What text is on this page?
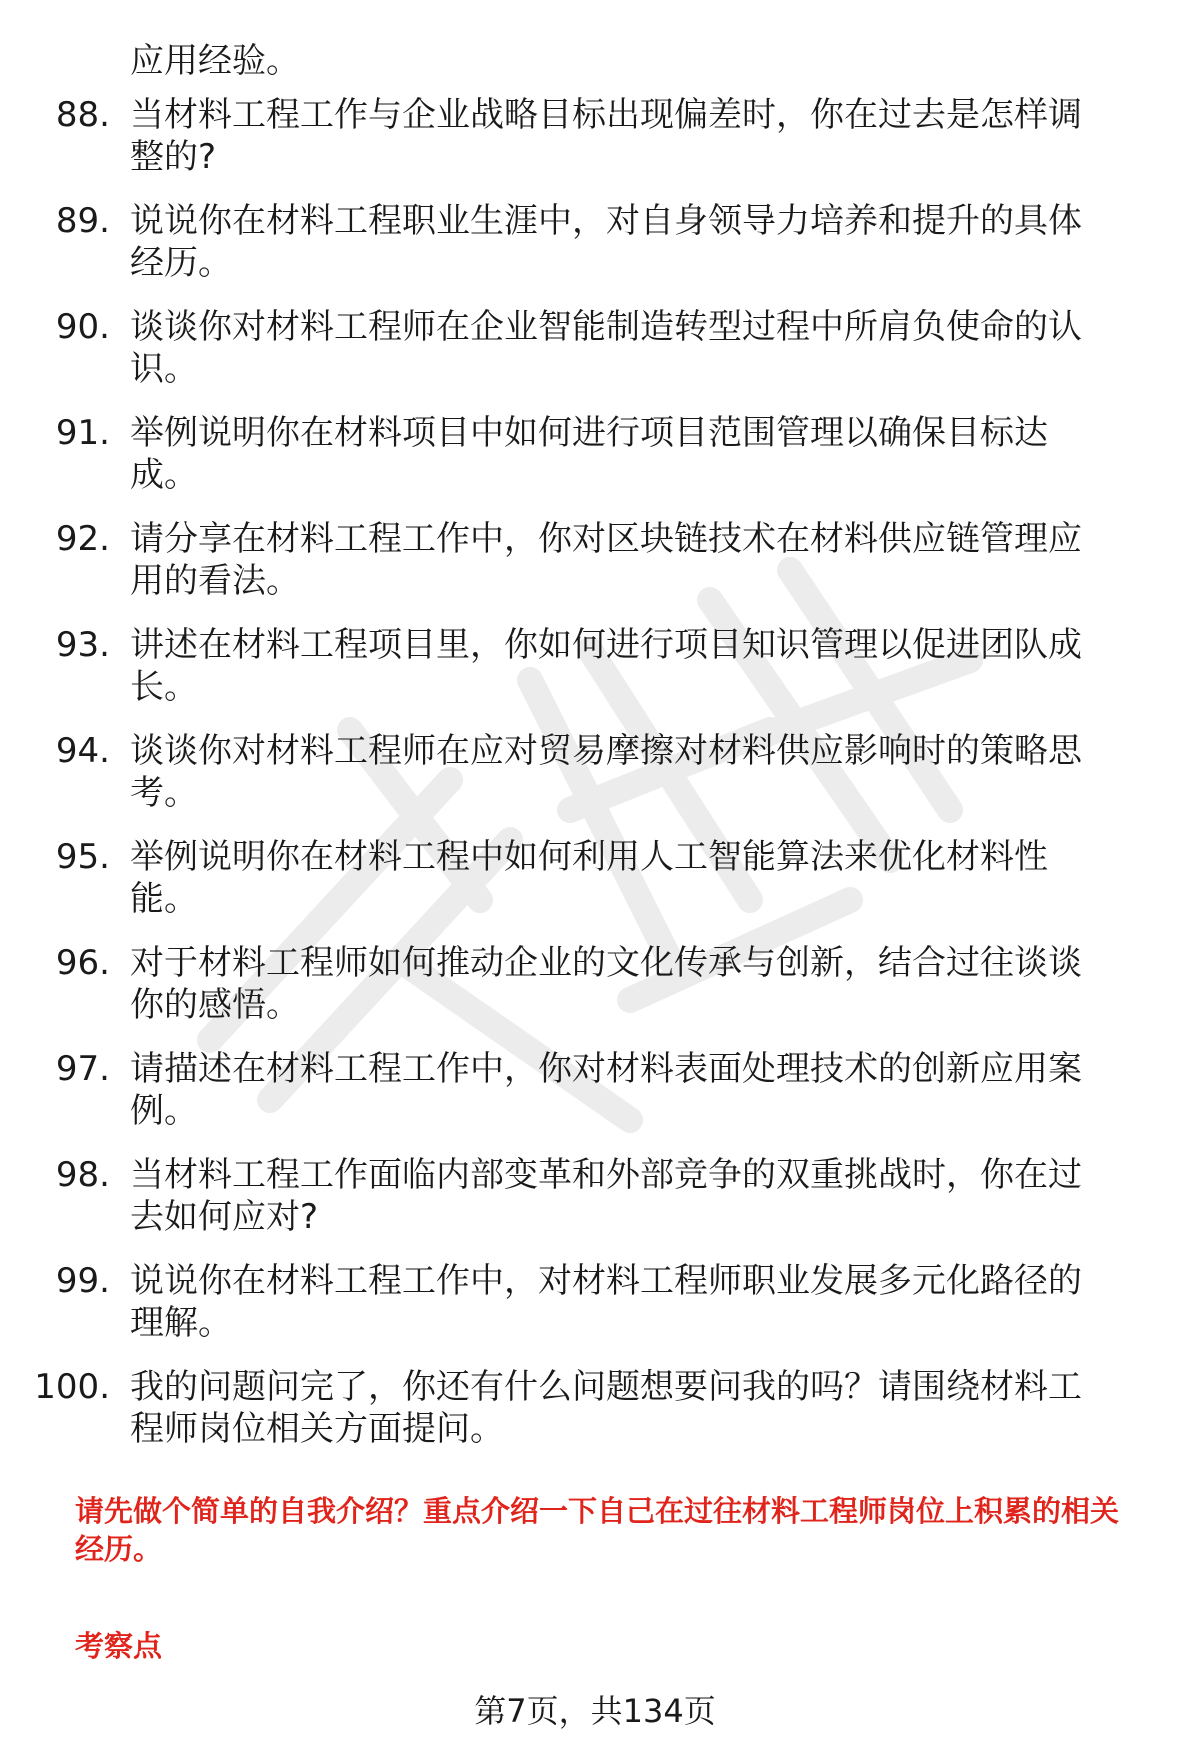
应用经验。
88. 当材料工程工作与企业战略目标出现偏差时，你在过去是怎样调
整的?
89. 说说你在材料工程职业生涯中，对自身领导力培养和提升的具体
经历。
90. 谈谈你对材料工程师在企业智能制造转型过程中所肩负使命的认
识。
91. 举例说明你在材料项目中如何进行项目范围管理以确保目标达
成。
92. 请分享在材料工程工作中，你对区块链技术在材料供应链管理应
用的看法。
93. 讲述在材料工程项目里，你如何进行项目知识管理以促进团队成
长。
94. 谈谈你对材料工程师在应对贸易摩擦对材料供应影响时的策略思
考。
95. 举例说明你在材料工程中如何利用人工智能算法来优化材料性
能。
96. 对于材料工程师如何推动企业的文化传承与创新，结合过往谈谈
你的感悟。
97. 请描述在材料工程工作中，你对材料表面处理技术的创新应用案
例。
98. 当材料工程工作面临内部变革和外部竞争的双重挑战时，你在过
去如何应对?
99. 说说你在材料工程工作中，对材料工程师职业发展多元化路径的
理解。
100. 我的问题问完了，你还有什么问题想要问我的吗？请围绕材料工
程师岗位相关方面提问。
请先做个简单的自我介绍？重点介绍一下自己在过往材料工程师岗位上积累的相关
经历。
考察点
第7页，共134页
